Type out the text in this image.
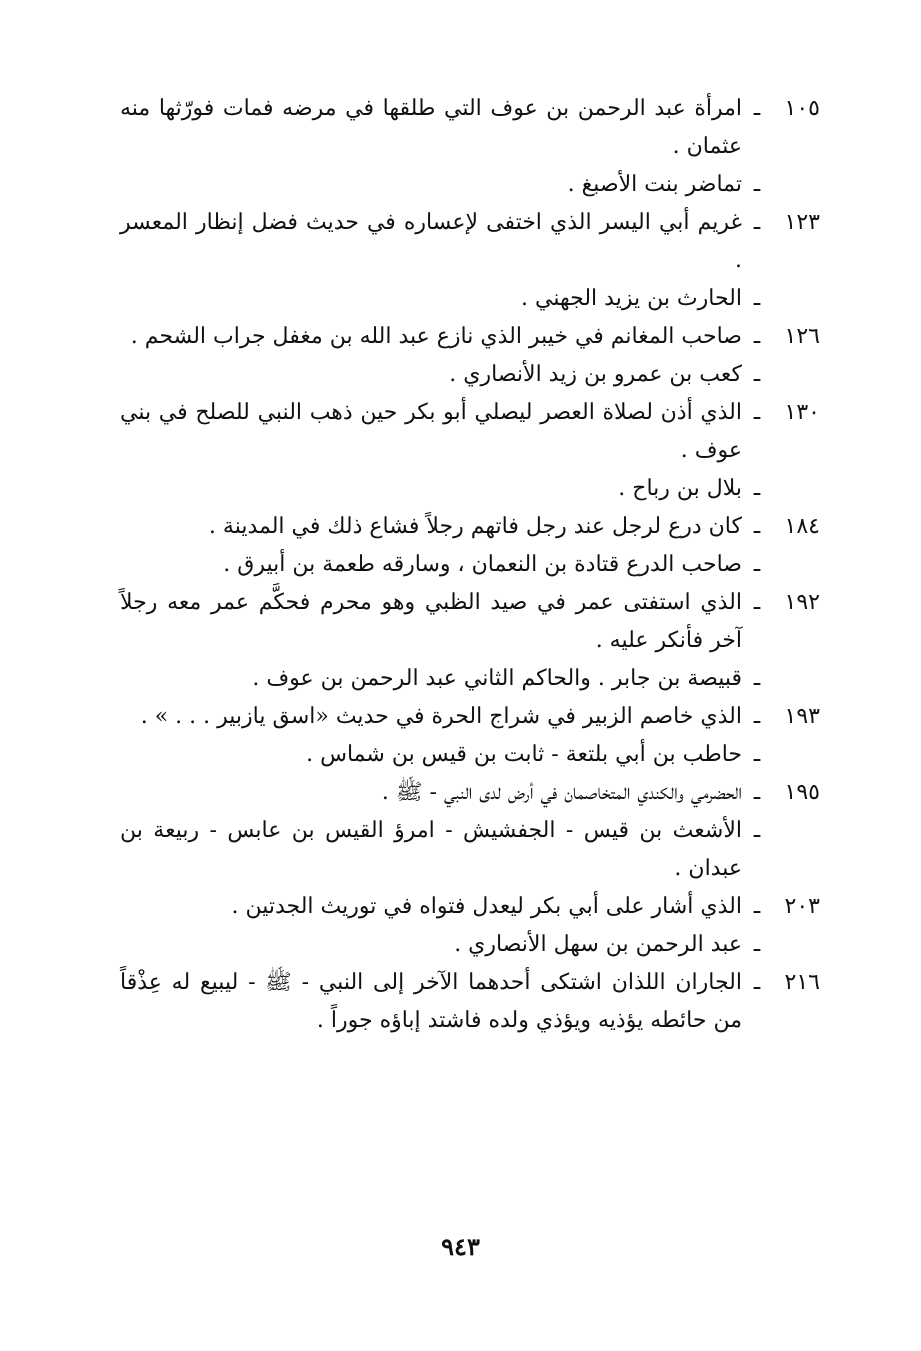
١٠٥
ـ
امرأة عبد الرحمن بن عوف التي طلقها في مرضه فمات فورّثها منه عثمان .
ـ
تماضر بنت الأصبغ .
١٢٣
ـ
غريم أبي اليسر الذي اختفى لإعساره في حديث فضل إنظار المعسر .
ـ
الحارث بن يزيد الجهني .
١٢٦
ـ
صاحب المغانم في خيبر الذي نازع عبد الله بن مغفل جراب الشحم .
ـ
كعب بن عمرو بن زيد الأنصاري .
١٣٠
ـ
الذي أذن لصلاة العصر ليصلي أبو بكر حين ذهب النبي للصلح في بني عوف .
ـ
بلال بن رباح .
١٨٤
ـ
كان درع لرجل عند رجل فاتهم رجلاً فشاع ذلك في المدينة .
ـ
صاحب الدرع قتادة بن النعمان ، وسارقه طعمة بن أبيرق .
١٩٢
ـ
الذي استفتى عمر في صيد الظبي وهو محرم فحكَّم عمر معه رجلاً آخر فأنكر عليه .
ـ
قبيصة بن جابر . والحاكم الثاني عبد الرحمن بن عوف .
١٩٣
ـ
الذي خاصم الزبير في شراج الحرة في حديث «اسق يازبير . . . » .
ـ
حاطب بن أبي بلتعة - ثابت بن قيس بن شماس .
١٩٥
ـ
الحضرمي والكندي المتخاصمان في أرض لدى النبي - ﷺ .
ـ
الأشعث بن قيس - الجفشيش - امرؤ القيس بن عابس - ربيعة بن عبدان .
٢٠٣
ـ
الذي أشار على أبي بكر ليعدل فتواه في توريث الجدتين .
ـ
عبد الرحمن بن سهل الأنصاري .
٢١٦
ـ
الجاران اللذان اشتكى أحدهما الآخر إلى النبي - ﷺ - ليبيع له عِذْقاً من حائطه يؤذيه ويؤذي ولده فاشتد إباؤه جوراً .
٩٤٣
